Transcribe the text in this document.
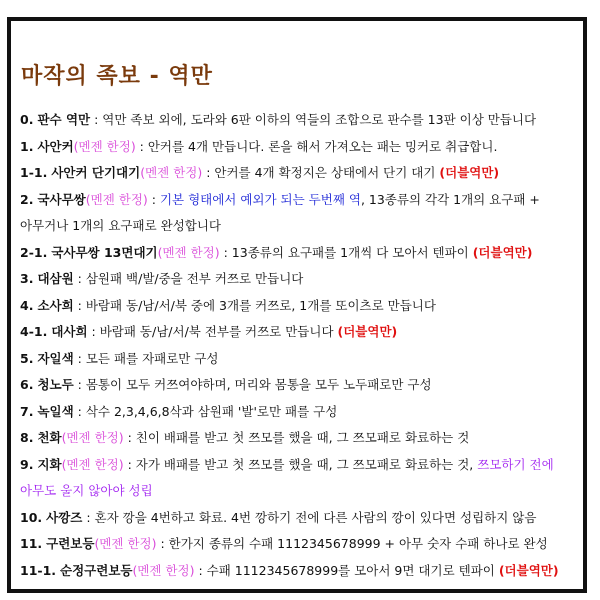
마작의 족보 - 역만
0. 판수 역만 : 역만 족보 외에, 도라와 6판 이하의 역들의 조합으로 판수를 13판 이상 만듭니다
1. 사안커(멘젠 한정) : 안커를 4개 만듭니다. 론을 해서 가져오는 패는 밍커로 취급합니.
1-1. 사안커 단기대기(멘젠 한정) : 안커를 4개 확정지은 상태에서 단기 대기 (더블역만)
2. 국사무쌍(멘젠 한정) : 기본 형태에서 예외가 되는 두번째 역, 13종류의 각각 1개의 요구패 +
아무거나 1개의 요구패로 완성합니다
2-1. 국사무쌍 13면대기(멘젠 한정) : 13종류의 요구패를 1개씩 다 모아서 텐파이 (더블역만)
3. 대삼원 : 삼원패 백/발/중을 전부 커쯔로 만듭니다
4. 소사희 : 바람패 동/남/서/북 중에 3개를 커쯔로, 1개를 또이츠로 만듭니다
4-1. 대사희 : 바람패 동/남/서/북 전부를 커쯔로 만듭니다 (더블역만)
5. 자일색 : 모든 패를 자패로만 구성
6. 청노두 : 몸통이 모두 커쯔여야하며, 머리와 몸통을 모두 노두패로만 구성
7. 녹일색 : 삭수 2,3,4,6,8삭과 삼원패 '발'로만 패를 구성
8. 천화(멘젠 한정) : 친이 배패를 받고 첫 쯔모를 했을 때, 그 쯔모패로 화료하는 것
9. 지화(멘젠 한정) : 자가 배패를 받고 첫 쯔모를 했을 때, 그 쯔모패로 화료하는 것, 쯔모하기 전에
아무도 울지 않아야 성립
10. 사깡즈 : 혼자 깡을 4번하고 화료. 4번 깡하기 전에 다른 사람의 깡이 있다면 성립하지 않음
11. 구련보등(멘젠 한정) : 한가지 종류의 수패 1112345678999 + 아무 숫자 수패 하나로 완성
11-1. 순정구련보등(멘젠 한정) : 수패 1112345678999를 모아서 9면 대기로 텐파이 (더블역만)
